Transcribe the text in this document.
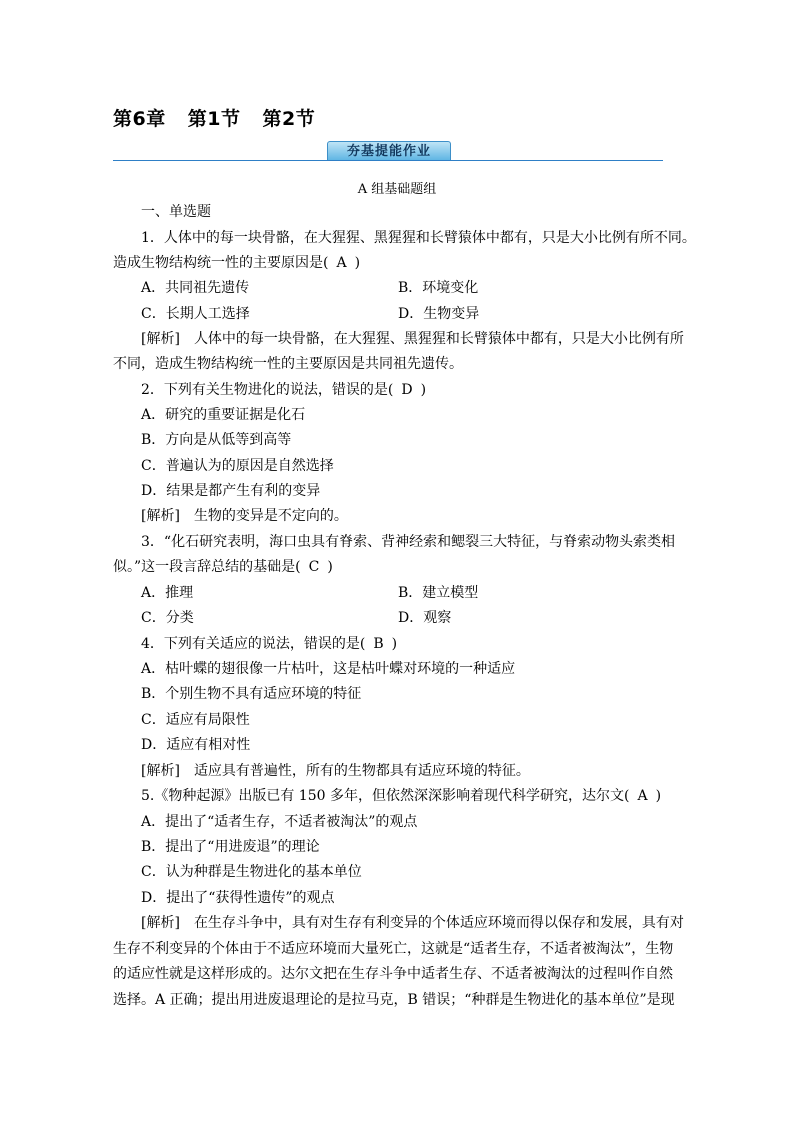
第6章 第1节 第2节
夯基提能作业
A 组基础题组
一、单选题
1．人体中的每一块骨骼，在大猩猩、黑猩猩和长臂猿体中都有，只是大小比例有所不同。
造成生物结构统一性的主要原因是( A )
A．共同祖先遗传	B．环境变化
C．长期人工选择	D．生物变异
[解析] 人体中的每一块骨骼，在大猩猩、黑猩猩和长臂猿体中都有，只是大小比例有所
不同，造成生物结构统一性的主要原因是共同祖先遗传。
2．下列有关生物进化的说法，错误的是( D )
A．研究的重要证据是化石
B．方向是从低等到高等
C．普遍认为的原因是自然选择
D．结果是都产生有利的变异
[解析] 生物的变异是不定向的。
3．“化石研究表明，海口虫具有脊索、背神经索和鳃裂三大特征，与脊索动物头索类相
似。”这一段言辞总结的基础是( C )
A．推理	B．建立模型
C．分类	D．观察
4．下列有关适应的说法，错误的是( B )
A．枯叶蝶的翅很像一片枯叶，这是枯叶蝶对环境的一种适应
B．个别生物不具有适应环境的特征
C．适应有局限性
D．适应有相对性
[解析] 适应具有普遍性，所有的生物都具有适应环境的特征。
5.《物种起源》出版已有 150 多年，但依然深深影响着现代科学研究，达尔文( A )
A．提出了“适者生存，不适者被淘汰”的观点
B．提出了“用进废退”的理论
C．认为种群是生物进化的基本单位
D．提出了“获得性遗传”的观点
[解析] 在生存斗争中，具有对生存有利变异的个体适应环境而得以保存和发展，具有对
生存不利变异的个体由于不适应环境而大量死亡，这就是“适者生存，不适者被淘汰”，生物
的适应性就是这样形成的。达尔文把在生存斗争中适者生存、不适者被淘汰的过程叫作自然
选择。A 正确；提出用进废退理论的是拉马克，B 错误；“种群是生物进化的基本单位”是现
